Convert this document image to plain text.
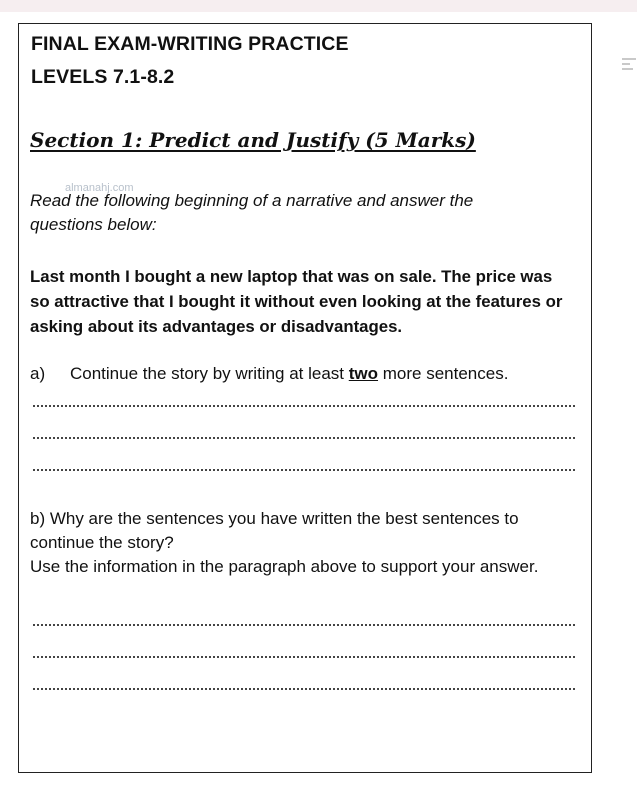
FINAL EXAM-WRITING PRACTICE
LEVELS 7.1-8.2
Section 1: Predict and Justify (5 Marks)
almanahj.com
Read the following beginning of a narrative and answer the questions below:
Last month I bought a new laptop that was on sale. The price was so attractive that I bought it without even looking at the features or asking about its advantages or disadvantages.
a) Continue the story by writing at least two more sentences.
b) Why are the sentences you have written the best sentences to continue the story?
Use the information in the paragraph above to support your answer.
